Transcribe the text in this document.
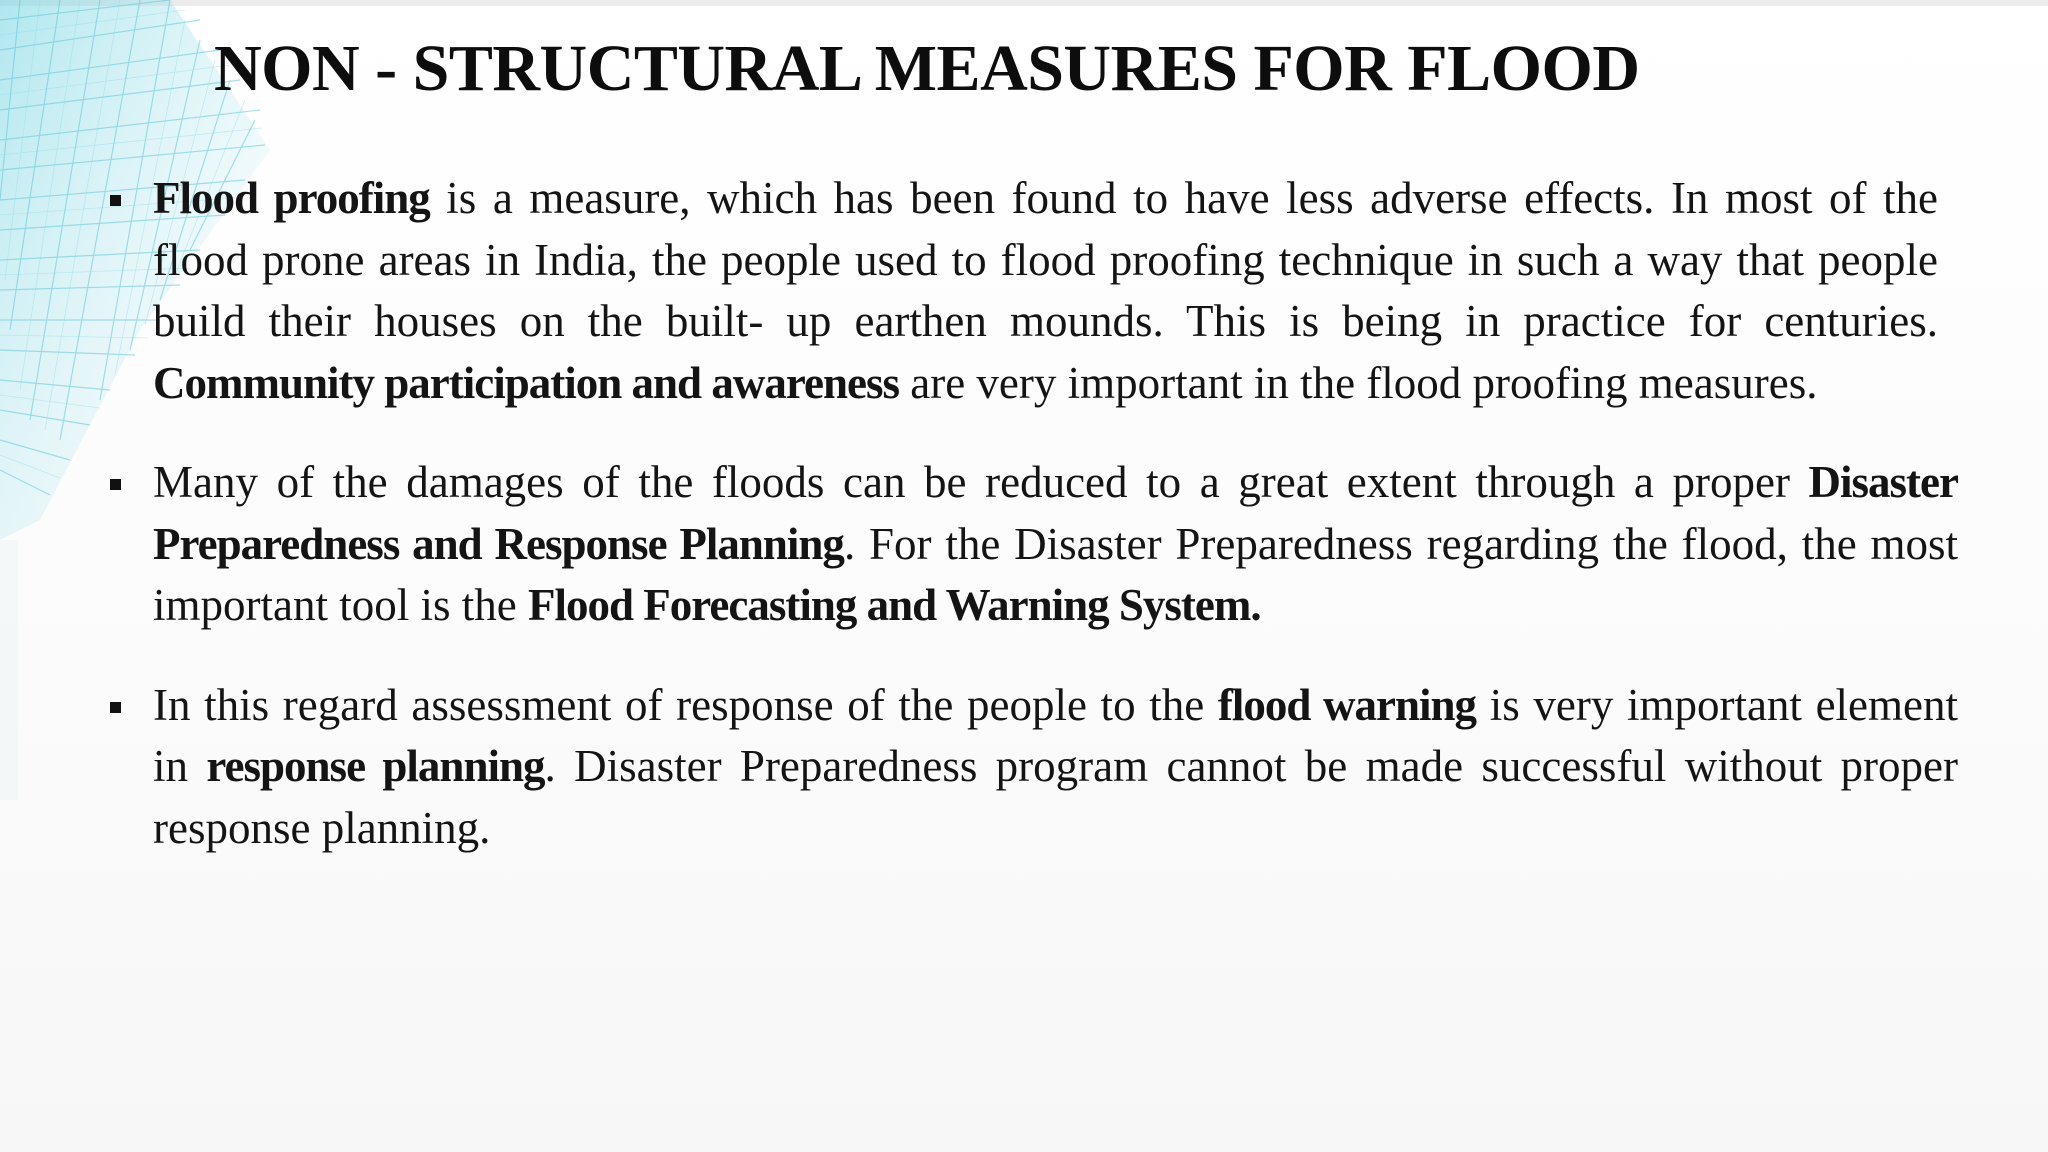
NON - STRUCTURAL MEASURES FOR FLOOD
Flood proofing is a measure, which has been found to have less adverse effects. In most of the flood prone areas in India, the people used to flood proofing technique in such a way that people build their houses on the built- up earthen mounds. This is being in practice for centuries. Community participation and awareness are very important in the flood proofing measures.
Many of the damages of the floods can be reduced to a great extent through a proper Disaster Preparedness and Response Planning. For the Disaster Preparedness regarding the flood, the most important tool is the Flood Forecasting and Warning System.
In this regard assessment of response of the people to the flood warning is very important element in response planning. Disaster Preparedness program cannot be made successful without proper response planning.
